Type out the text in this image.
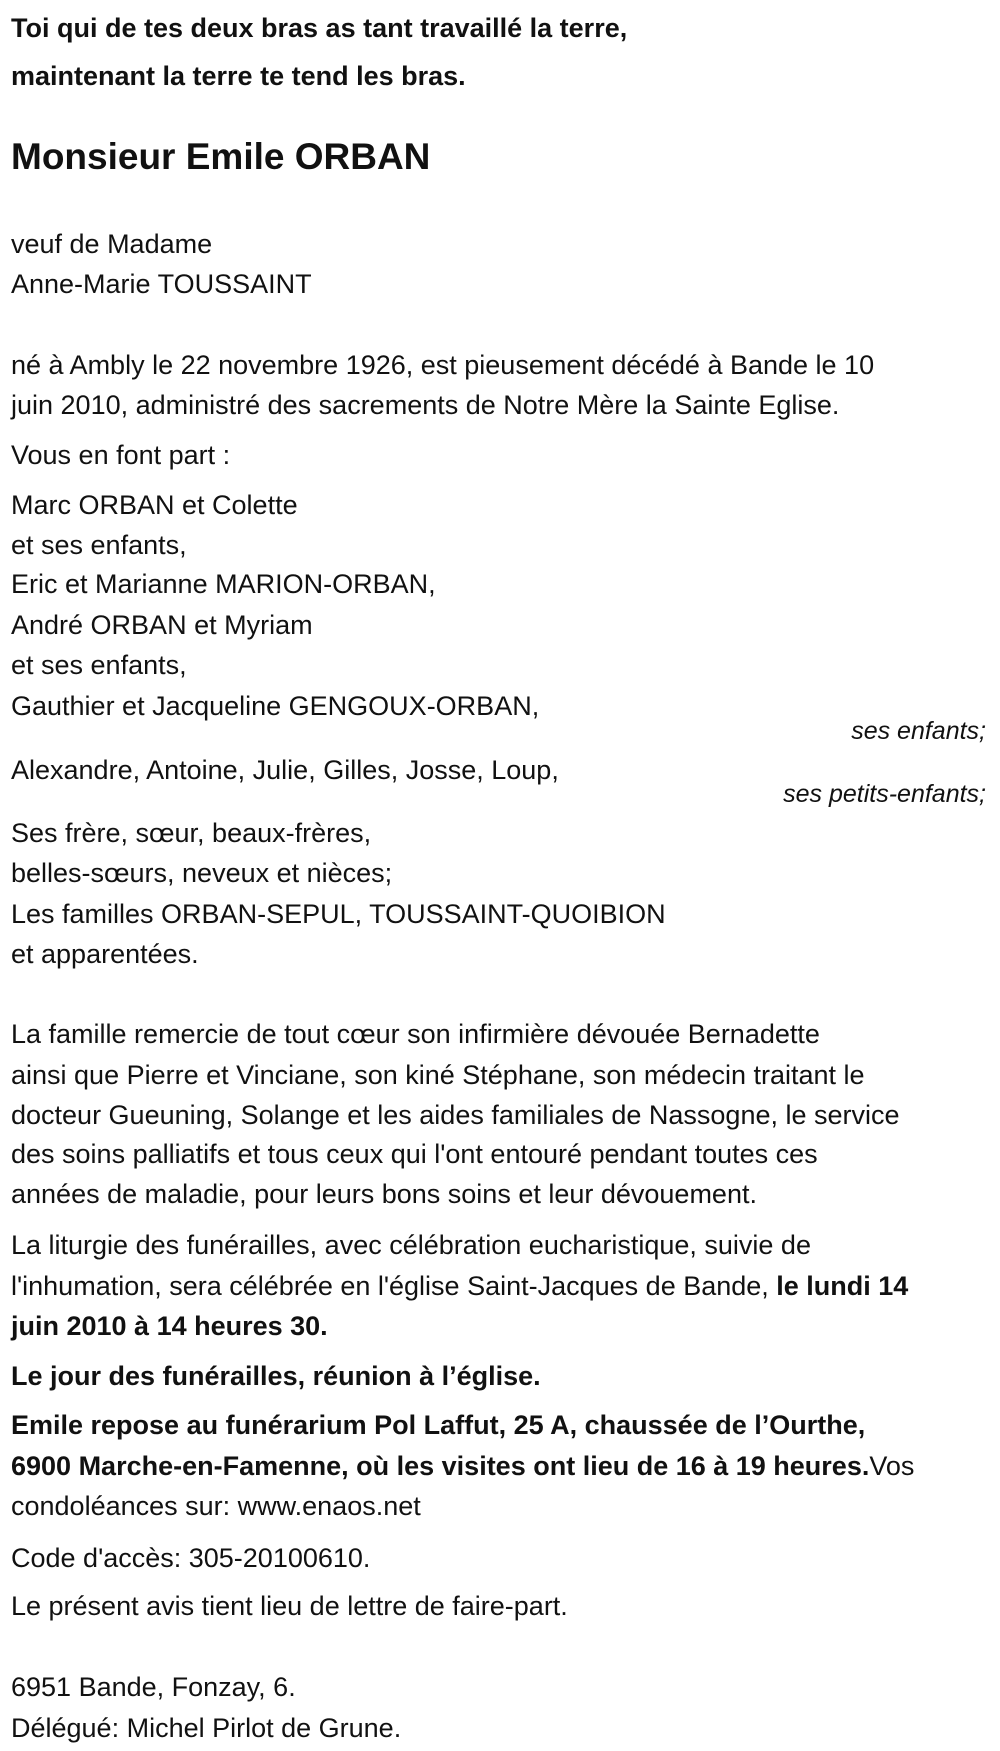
Toi qui de tes deux bras as tant travaillé la terre,
maintenant la terre te tend les bras.
Monsieur Emile ORBAN
veuf de Madame
Anne-Marie TOUSSAINT
né à Ambly le 22 novembre 1926, est pieusement décédé à Bande le 10
juin 2010, administré des sacrements de Notre Mère la Sainte Eglise.
Vous en font part :
Marc ORBAN et Colette
et ses enfants,
Eric et Marianne MARION-ORBAN,
André ORBAN et Myriam
et ses enfants,
Gauthier et Jacqueline GENGOUX-ORBAN,
ses enfants;
Alexandre, Antoine, Julie, Gilles, Josse, Loup,
ses petits-enfants;
Ses frère, sœur, beaux-frères,
belles-sœurs, neveux et nièces;
Les familles ORBAN-SEPUL, TOUSSAINT-QUOIBION
et apparentées.
La famille remercie de tout cœur son infirmière dévouée Bernadette
ainsi que Pierre et Vinciane, son kiné Stéphane, son médecin traitant le
docteur Gueuning, Solange et les aides familiales de Nassogne, le service
des soins palliatifs et tous ceux qui l'ont entouré pendant toutes ces
années de maladie, pour leurs bons soins et leur dévouement.
La liturgie des funérailles, avec célébration eucharistique, suivie de
l'inhumation, sera célébrée en l'église Saint-Jacques de Bande, le lundi 14
juin 2010 à 14 heures 30.
Le jour des funérailles, réunion à l’église.
Emile repose au funérarium Pol Laffut, 25 A, chaussée de l’Ourthe,
6900 Marche-en-Famenne, où les visites ont lieu de 16 à 19 heures.Vos
condoléances sur: www.enaos.net
Code d'accès: 305-20100610.
Le présent avis tient lieu de lettre de faire-part.
6951 Bande, Fonzay, 6.
Délégué: Michel Pirlot de Grune.
